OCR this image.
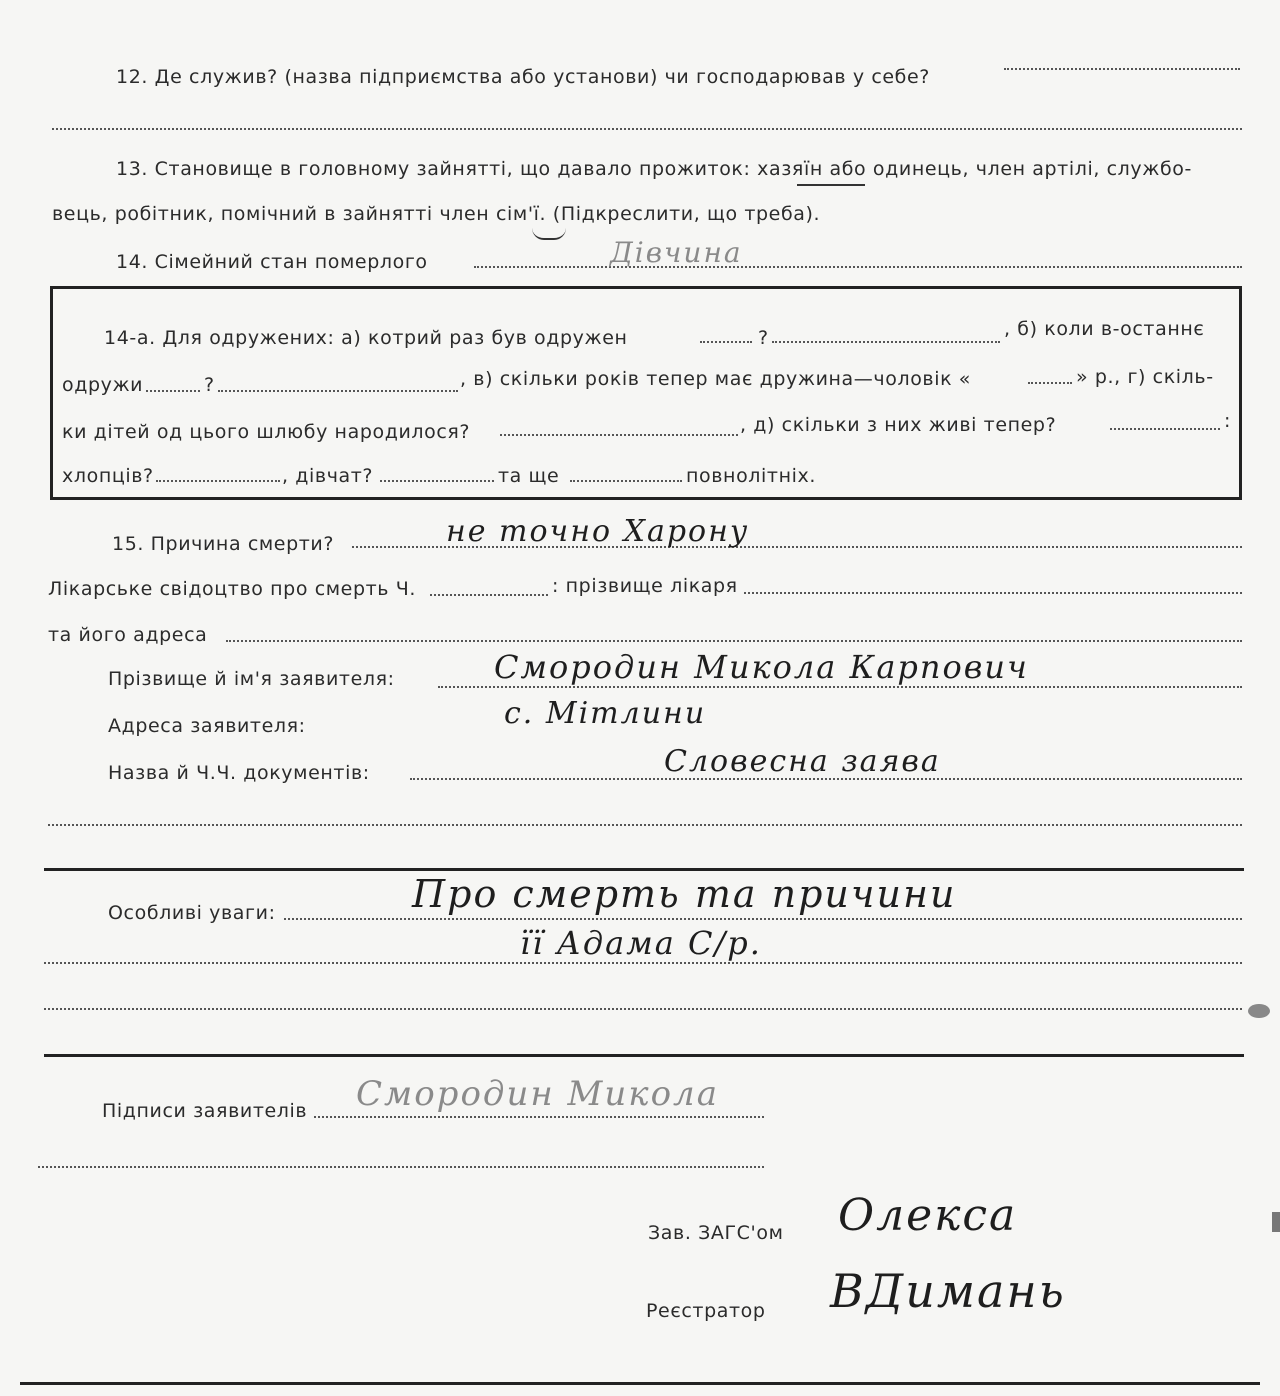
12. Де служив? (назва підприємства або установи) чи господарював у себе?
13. Становище в головному зайнятті, що давало прожиток: хазяїн або одинець, член артілі, службо-
вець, робітник, помічний в зайнятті член сім'ї. (Підкреслити, що треба).
14. Сімейний стан померлого	Дівчина
14-а. Для одружених: а) котрий раз був одружен	?	, б) коли в-останнє
одружи	?	, в) скільки років тепер має дружина—чоловік «	» р., г) скіль-
ки дітей од цього шлюбу народилося?	, д) скільки з них живі тепер?	:
хлопців?	, дівчат?	та ще	повнолітніх.
15. Причина смерти?	не точно Харону
Лікарське свідоцтво про смерть Ч.	: прізвище лікаря
та його адреса
Прізвище й ім'я заявителя:	Смородин Микола Карпович
Адреса заявителя:	с. Мітлини
Назва й Ч.Ч. документів:	Словесна заява
Особливі уваги:	Про смерть та причини
її Адама С/р.
Підписи заявителів Смородин Микола
Зав. ЗАГС'ом Олекса
Реєстратор ВДимань
